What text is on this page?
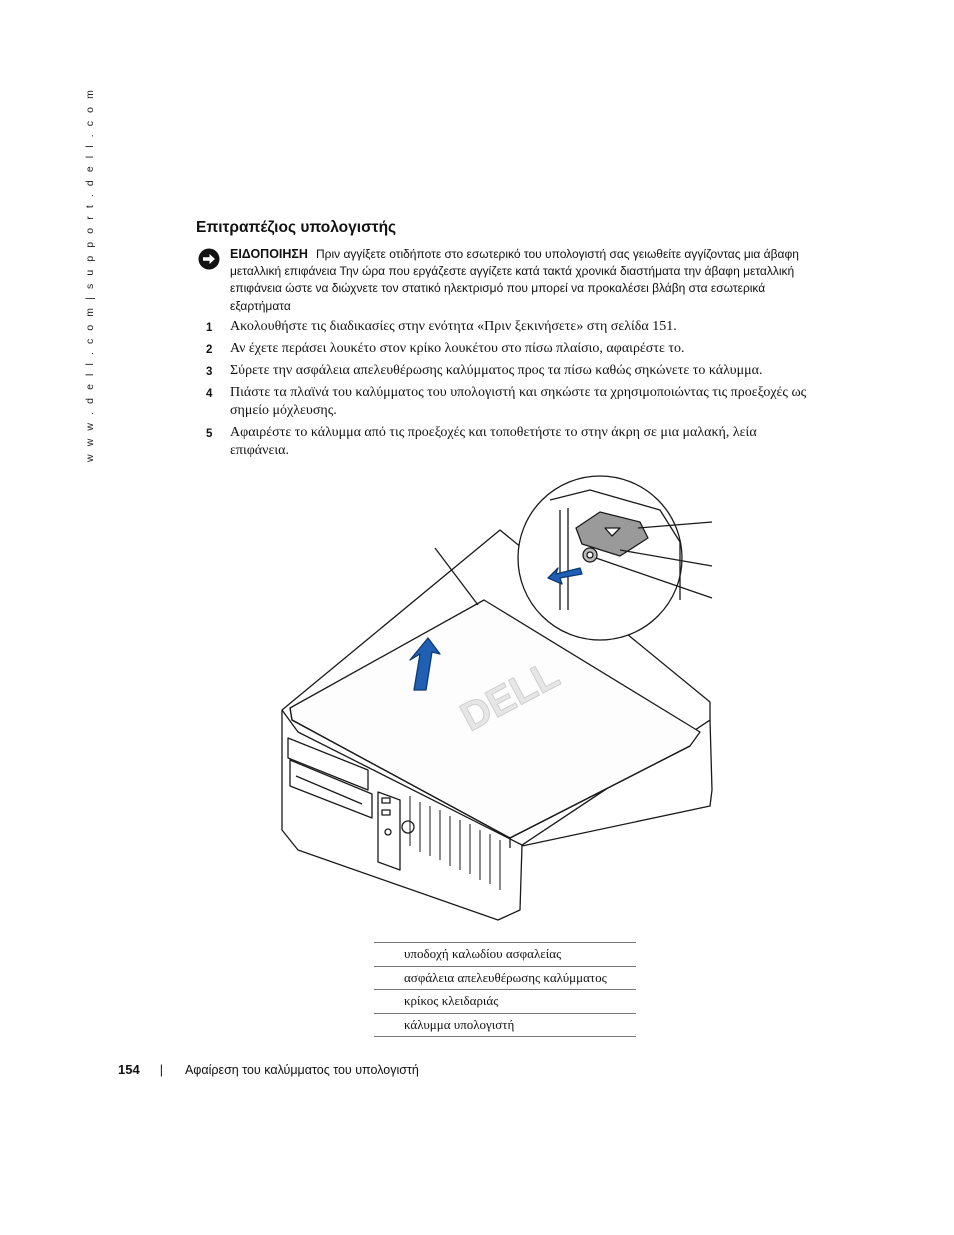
w w w . d e l l . c o m | s u p p o r t . d e l l . c o m	Επιτραπέζιος υπολογιστής

ΕΙΔΟΠΟΙΗΣΗ Πριν αγγίξετε οτιδήποτε στο εσωτερικό του υπολογιστή σας γειωθείτε αγγίζοντας μια άβαφη μεταλλική επιφάνεια Την ώρα που εργάζεστε αγγίζετε κατά τακτά χρονικά διαστήματα την άβαφη μεταλλική επιφάνεια ώστε να διώχνετε τον στατικό ηλεκτρισμό που μπορεί να προκαλέσει βλάβη στα εσωτερικά εξαρτήματα

1 Ακολουθήστε τις διαδικασίες στην ενότητα «Πριν ξεκινήσετε» στη σελίδα 151.
2 Αν έχετε περάσει λουκέτο στον κρίκο λουκέτου στο πίσω πλαίσιο, αφαιρέστε το.
3 Σύρετε την ασφάλεια απελευθέρωσης καλύμματος προς τα πίσω καθώς σηκώνετε το κάλυμμα.
4 Πιάστε τα πλαϊνά του καλύμματος του υπολογιστή και σηκώστε τα χρησιμοποιώντας τις προεξοχές ως σημείο μόχλευσης.
5 Αφαιρέστε το κάλυμμα από τις προεξοχές και τοποθετήστε το στην άκρη σε μια μαλακή, λεία επιφάνεια.
DELL
υποδοχή καλωδίου ασφαλείας
ασφάλεια απελευθέρωσης καλύμματος
κρίκος κλειδαριάς
κάλυμμα υπολογιστή
154 | Αφαίρεση του καλύμματος του υπολογιστή
